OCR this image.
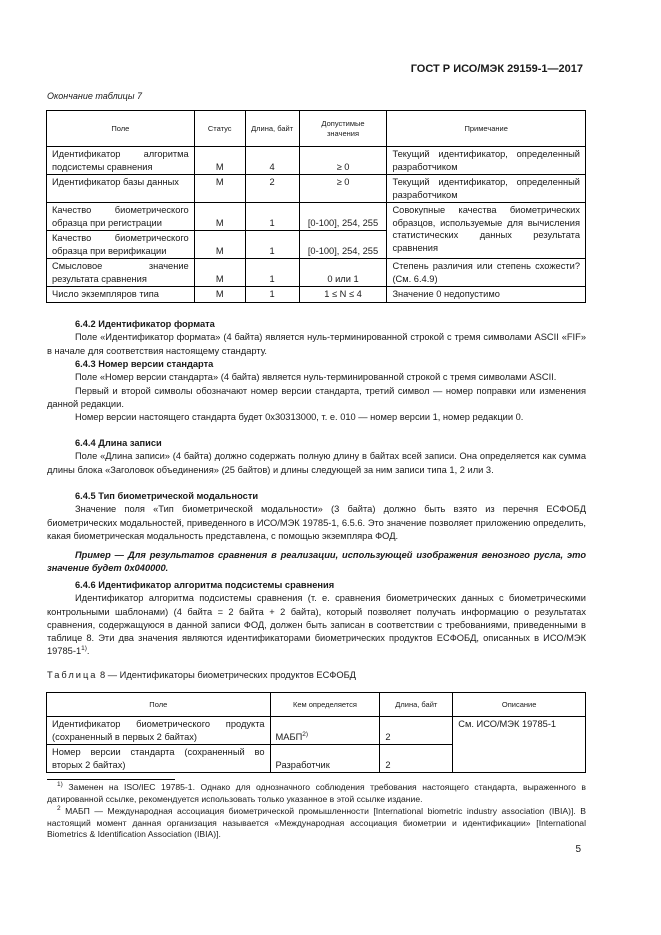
ГОСТ Р ИСО/МЭК 29159-1—2017
Окончание таблицы 7
Поле	Статус	Длина, байт	Допустимые значения	Примечание
Идентификатор алгоритма подсистемы сравнения	M	4	≥ 0	Текущий идентификатор, определенный разработчиком
Идентификатор базы данных	M	2	≥ 0	Текущий идентификатор, определенный разработчиком
Качество биометрического образца при регистрации	M	1	[0-100], 254, 255	Совокупные качества биометрических образцов, используемые для вычисления статистических данных результата сравнения
Качество биометрического образца при верификации	M	1	[0-100], 254, 255	
Смысловое значение результата сравнения	M	1	0 или 1	Степень различия или степень схожести? (См. 6.4.9)
Число экземпляров типа	M	1	1 ≤ N ≤ 4	Значение 0 недопустимо
6.4.2 Идентификатор формата
Поле «Идентификатор формата» (4 байта) является нуль-терминированной строкой с тремя символами ASCII «FIF» в начале для соответствия настоящему стандарту.
6.4.3 Номер версии стандарта
Поле «Номер версии стандарта» (4 байта) является нуль-терминированной строкой с тремя символами ASCII.
Первый и второй символы обозначают номер версии стандарта, третий символ — номер поправки или изменения данной редакции.
Номер версии настоящего стандарта будет 0x30313000, т. е. 010 — номер версии 1, номер редакции 0.
6.4.4 Длина записи
Поле «Длина записи» (4 байта) должно содержать полную длину в байтах всей записи. Она определяется как сумма длины блока «Заголовок объединения» (25 байтов) и длины следующей за ним записи типа 1, 2 или 3.
6.4.5 Тип биометрической модальности
Значение поля «Тип биометрической модальности» (3 байта) должно быть взято из перечня ЕСФОБД биометрических модальностей, приведенного в ИСО/МЭК 19785-1, 6.5.6. Это значение позволяет приложению определить, какая биометрическая модальность представлена, с помощью экземпляра ФОД.
Пример — Для результатов сравнения в реализации, использующей изображения венозного русла, это значение будет 0x040000.
6.4.6 Идентификатор алгоритма подсистемы сравнения
Идентификатор алгоритма подсистемы сравнения (т. е. сравнения биометрических данных с биометрическими контрольными шаблонами) (4 байта = 2 байта + 2 байта), который позволяет получать информацию о результатах сравнения, содержащуюся в данной записи ФОД, должен быть записан в соответствии с требованиями, приведенными в таблице 8. Эти два значения являются идентификаторами биометрических продуктов ЕСФОБД, описанных в ИСО/МЭК 19785-1$^{1)}$.
Таблица 8 — Идентификаторы биометрических продуктов ЕСФОБД
Поле	Кем определяется	Длина, байт	Описание
Идентификатор биометрического продукта (сохраненный в первых 2 байтах)	МАБП$^{2)}$	2	См. ИСО/МЭК 19785-1
Номер версии стандарта (сохраненный во вторых 2 байтах)	Разработчик	2	
$^{1)}$ Заменен на ISO/IEC 19785-1. Однако для однозначного соблюдения требования настоящего стандарта, выраженного в датированной ссылке, рекомендуется использовать только указанное в этой ссылке издание.
$^2$ МАБП — Международная ассоциация биометрической промышленности [International biometric industry association (IBIA)]. В настоящий момент данная организация называется «Международная ассоциация биометрии и идентификации» [International Biometrics & Identification Association (IBIA)].
5
